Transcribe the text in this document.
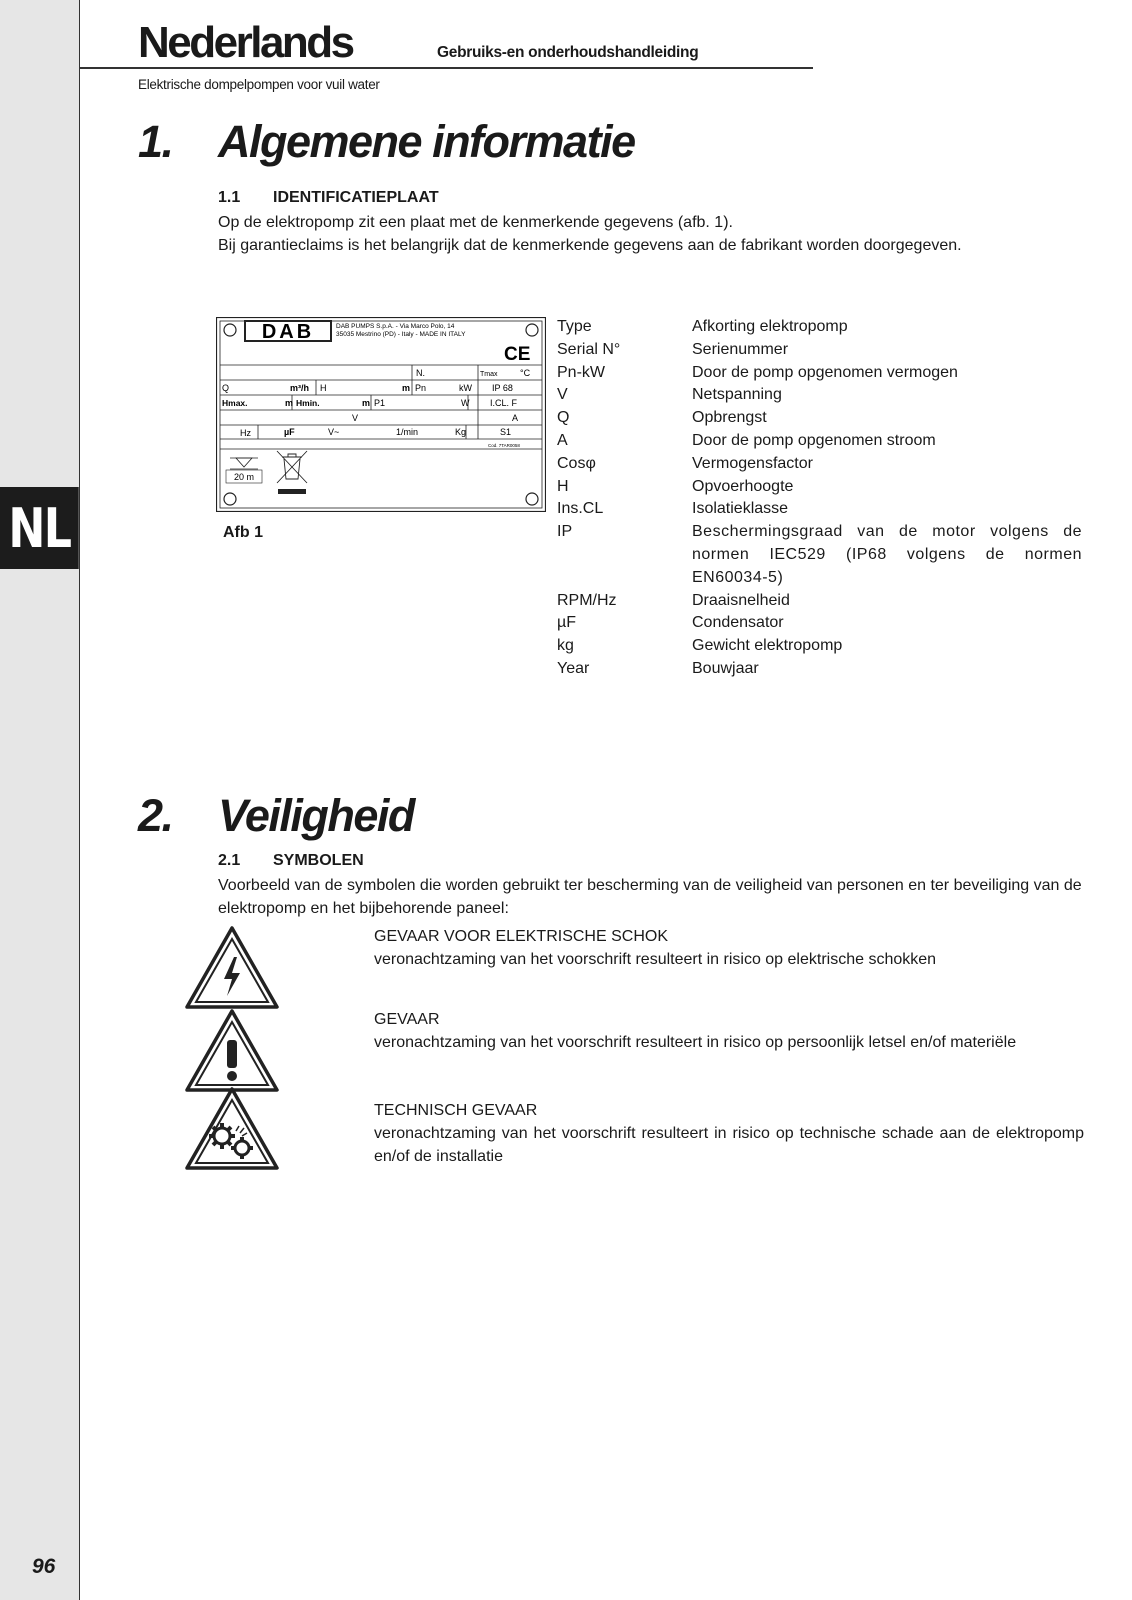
NL
96
Nederlands	Gebruiks-en onderhoudshandleiding
Elektrische dompelpompen voor vuil water
1. Algemene informatie
1.1 IDENTIFICATIEPLAAT
Op de elektropomp zit een plaat met de kenmerkende gegevens (afb. 1).
Bij garantieclaims is het belangrijk dat de kenmerkende gegevens aan de fabrikant worden doorgegeven.
DAB	DAB PUMPS S.p.A. - Via Marco Polo, 14
35035 Mestrino (PD) - Italy - MADE IN ITALY
CE
N.	Tmax	°C
Q	m³/h H	m Pn	kW IP 68
Hmax.	m Hmin.	m P1	W I.CL. F
V	A
Hz	µF	V~	1/min	Kg	S1
Cod. 7TAR0058
20 m
Afb 1
Type	Afkorting elektropomp
Serial N°	Serienummer
Pn-kW	Door de pomp opgenomen vermogen
V	Netspanning
Q	Opbrengst
A	Door de pomp opgenomen stroom
Cosφ	Vermogensfactor
H	Opvoerhoogte
Ins.CL	Isolatieklasse
IP	Beschermingsgraad van de motor volgens de normen IEC529 (IP68 volgens de normen EN60034-5)
RPM/Hz	Draaisnelheid
µF	Condensator
kg	Gewicht elektropomp
Year	Bouwjaar
2. Veiligheid
2.1 SYMBOLEN
Voorbeeld van de symbolen die worden gebruikt ter bescherming van de veiligheid van personen en ter beveiliging van de elektropomp en het bijbehorende paneel:
GEVAAR VOOR ELEKTRISCHE SCHOK
veronachtzaming van het voorschrift resulteert in risico op elektrische schokken
GEVAAR
veronachtzaming van het voorschrift resulteert in risico op persoonlijk letsel en/of materiële
TECHNISCH GEVAAR
veronachtzaming van het voorschrift resulteert in risico op technische schade aan de elektropomp en/of de installatie
